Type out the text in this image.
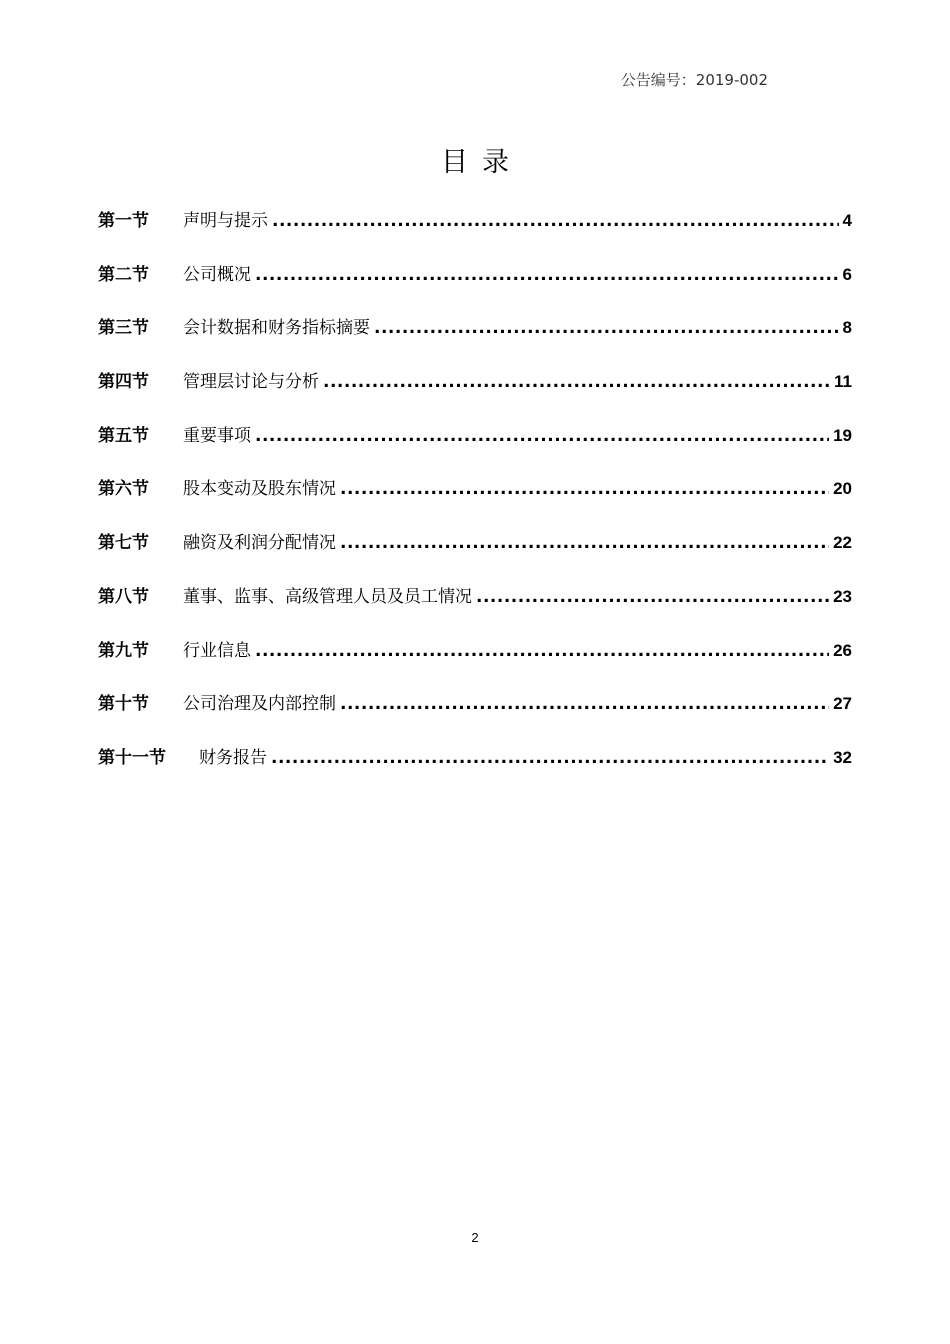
公告编号：2019-002
目录
第一节	声明与提示 .....	4
第二节	公司概况 .....	6
第三节	会计数据和财务指标摘要 .....	8
第四节	管理层讨论与分析 .....	11
第五节	重要事项 .....	19
第六节	股本变动及股东情况 .....	20
第七节	融资及利润分配情况 .....	22
第八节	董事、监事、高级管理人员及员工情况 .....	23
第九节	行业信息 .....	26
第十节	公司治理及内部控制 .....	27
第十一节	财务报告 .....	32
2
